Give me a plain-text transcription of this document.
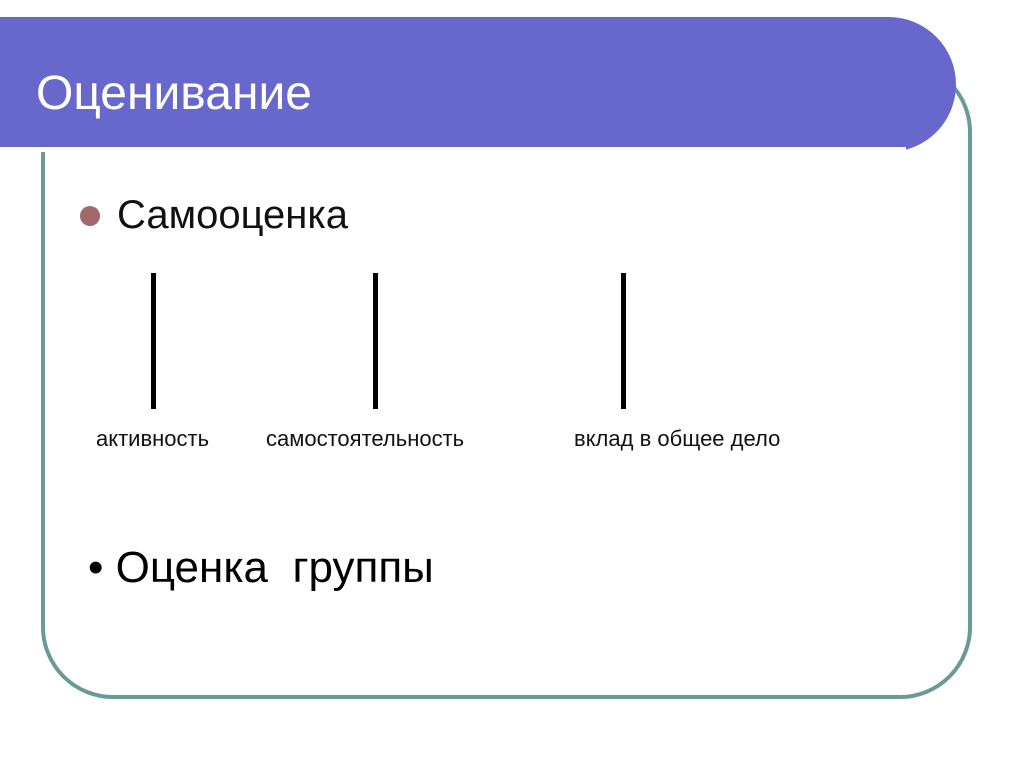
Оценивание
Самооценка
активность	самостоятельность	вклад в общее дело
• Оценка  группы
